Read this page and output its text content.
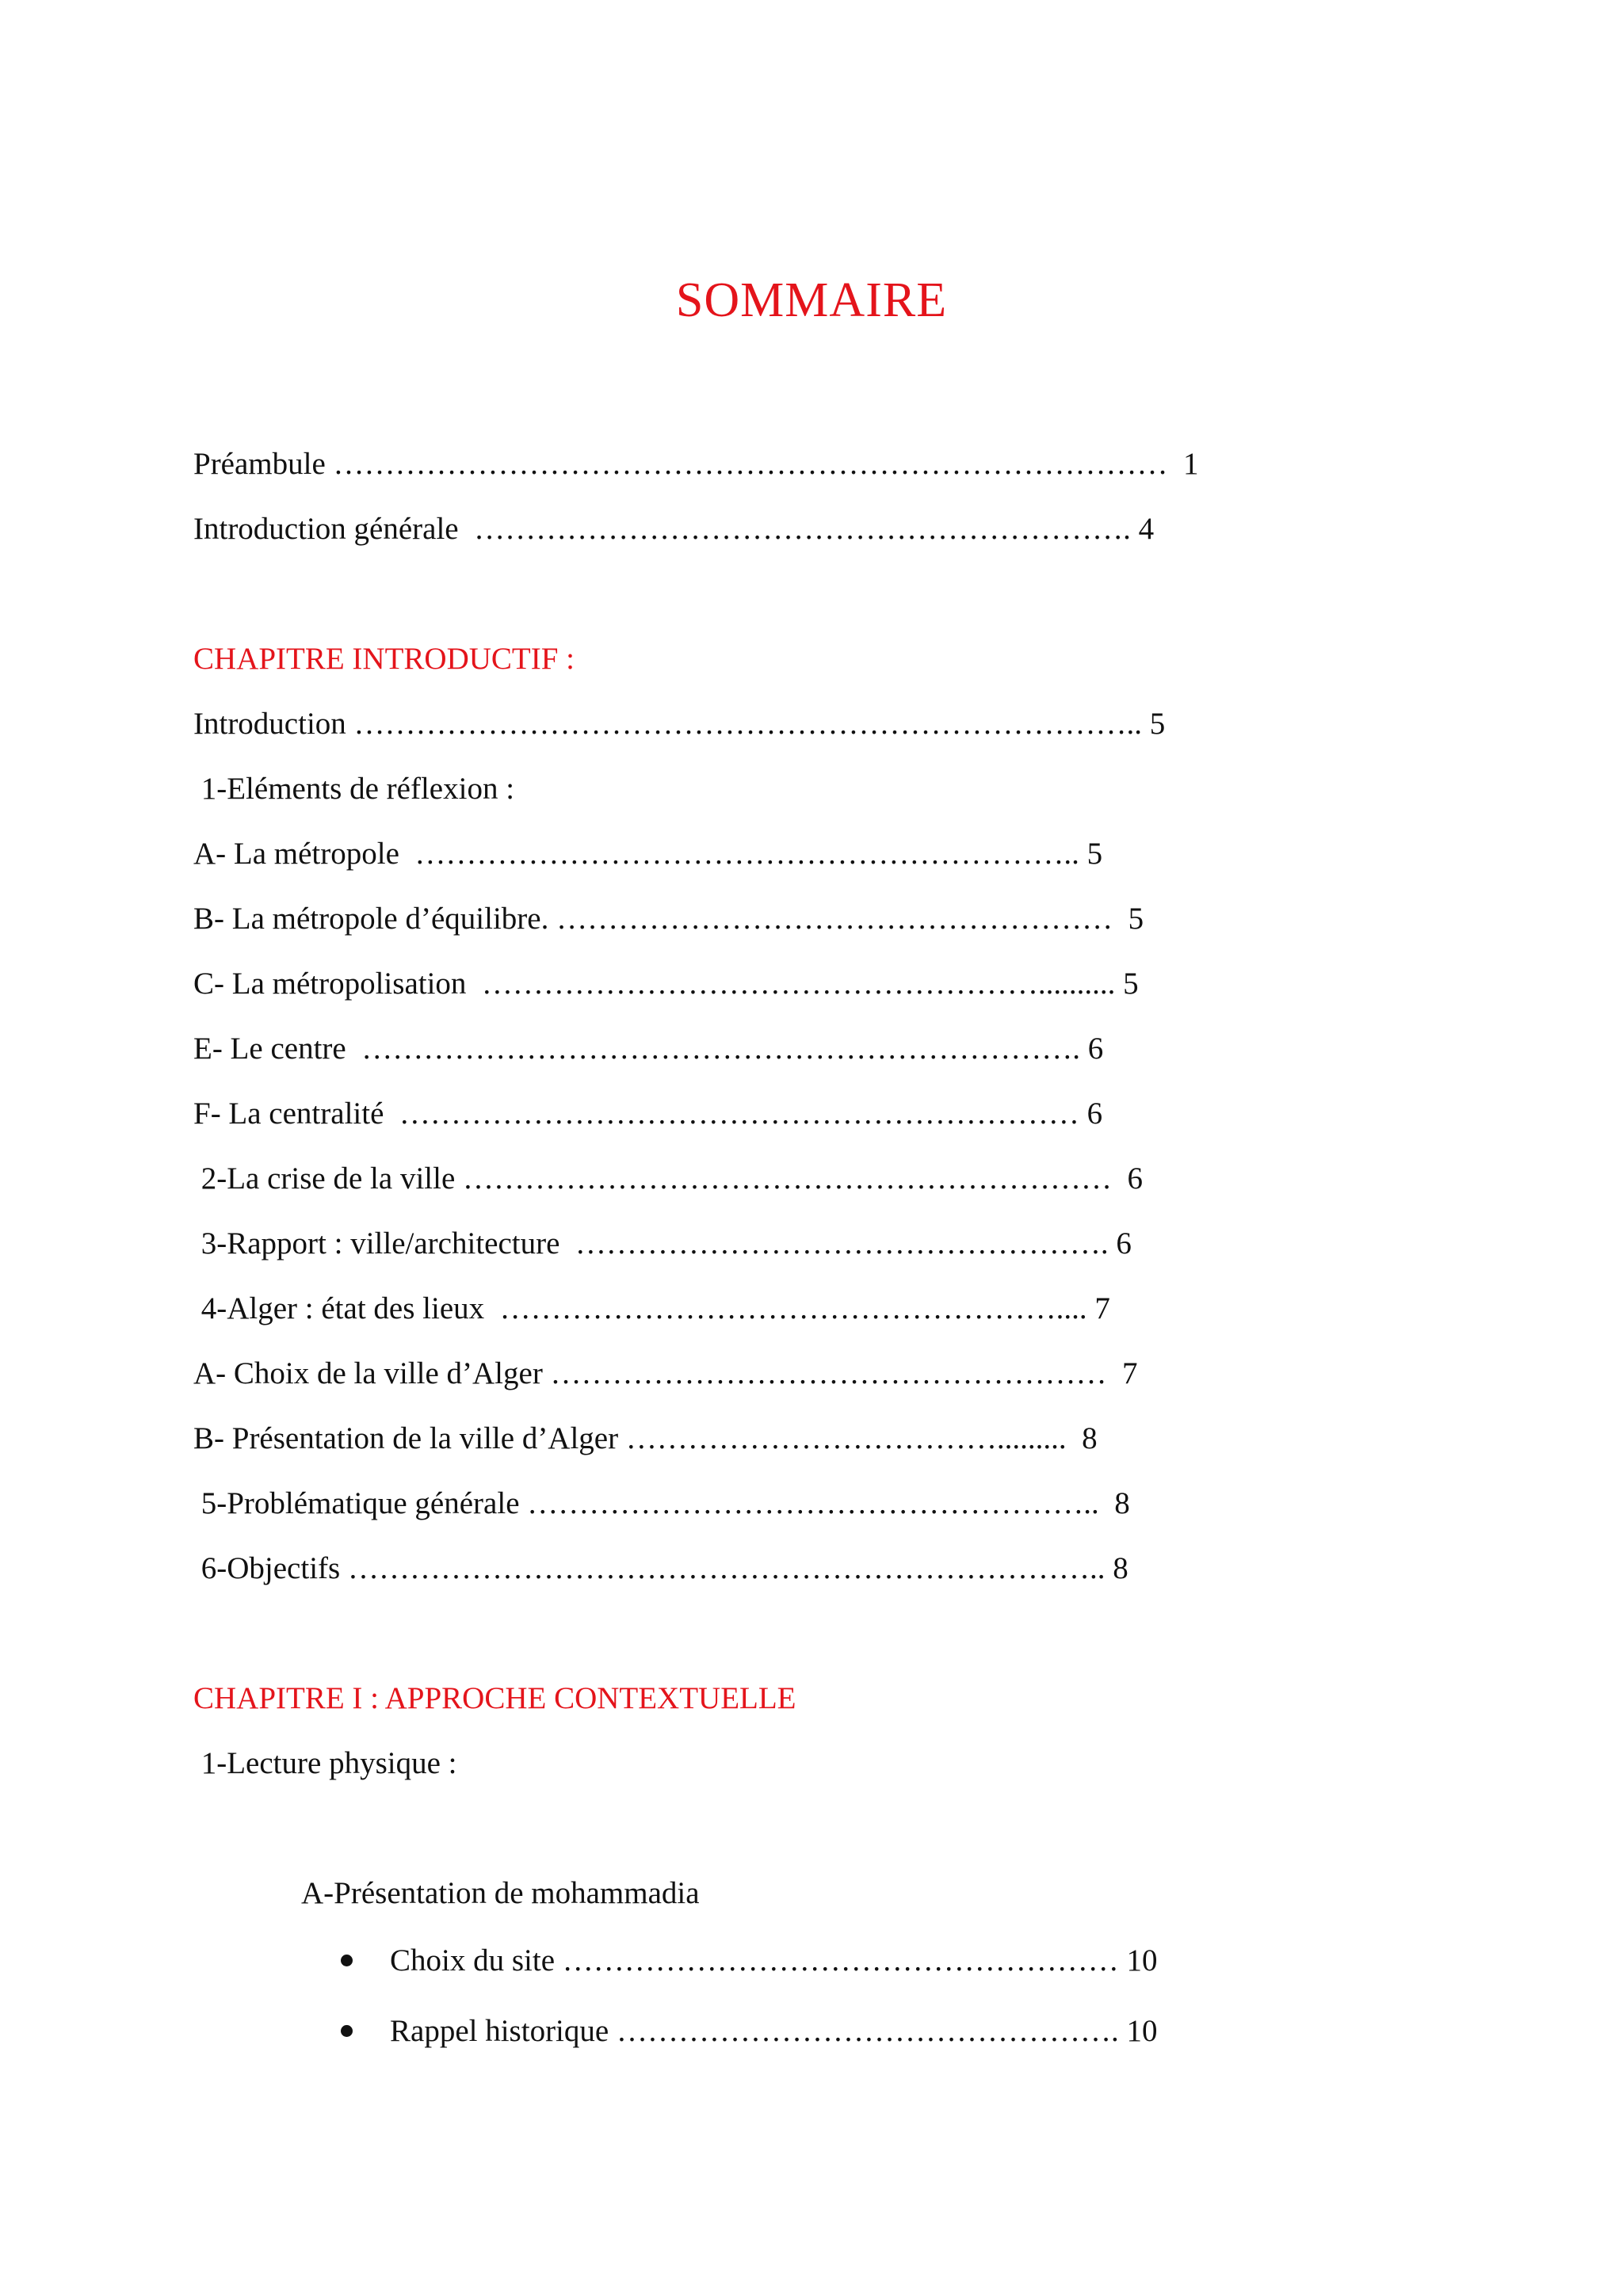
SOMMAIRE
Préambule ………………………………………………………………………  1
Introduction générale  ………………………………………………………. 4
CHAPITRE INTRODUCTIF :
Introduction ………………………………………………………………….. 5
1-Eléments de réflexion :
A- La métropole  ……………………………………………………….. 5
B- La métropole d’équilibre. ………………………………………………  5
C- La métropolisation  ……………………………………………….......... 5
E- Le centre  ……………………………………………………………. 6
F- La centralité  ………………………………………………………… 6
2-La crise de la ville ………………………………………………………  6
3-Rapport : ville/architecture  ……………………………………………. 6
4-Alger : état des lieux  ……………………………………………….... 7
A- Choix de la ville d’Alger ………………………………………………  7
B- Présentation de la ville d’Alger ……………………………….........  8
5-Problématique générale ………………………………………………..  8
6-Objectifs ……………………………………………………………….. 8
CHAPITRE I : APPROCHE CONTEXTUELLE
1-Lecture physique :
A-Présentation de mohammadia
Choix du site ……………………………………………… 10
Rappel historique …………………………………………. 10
